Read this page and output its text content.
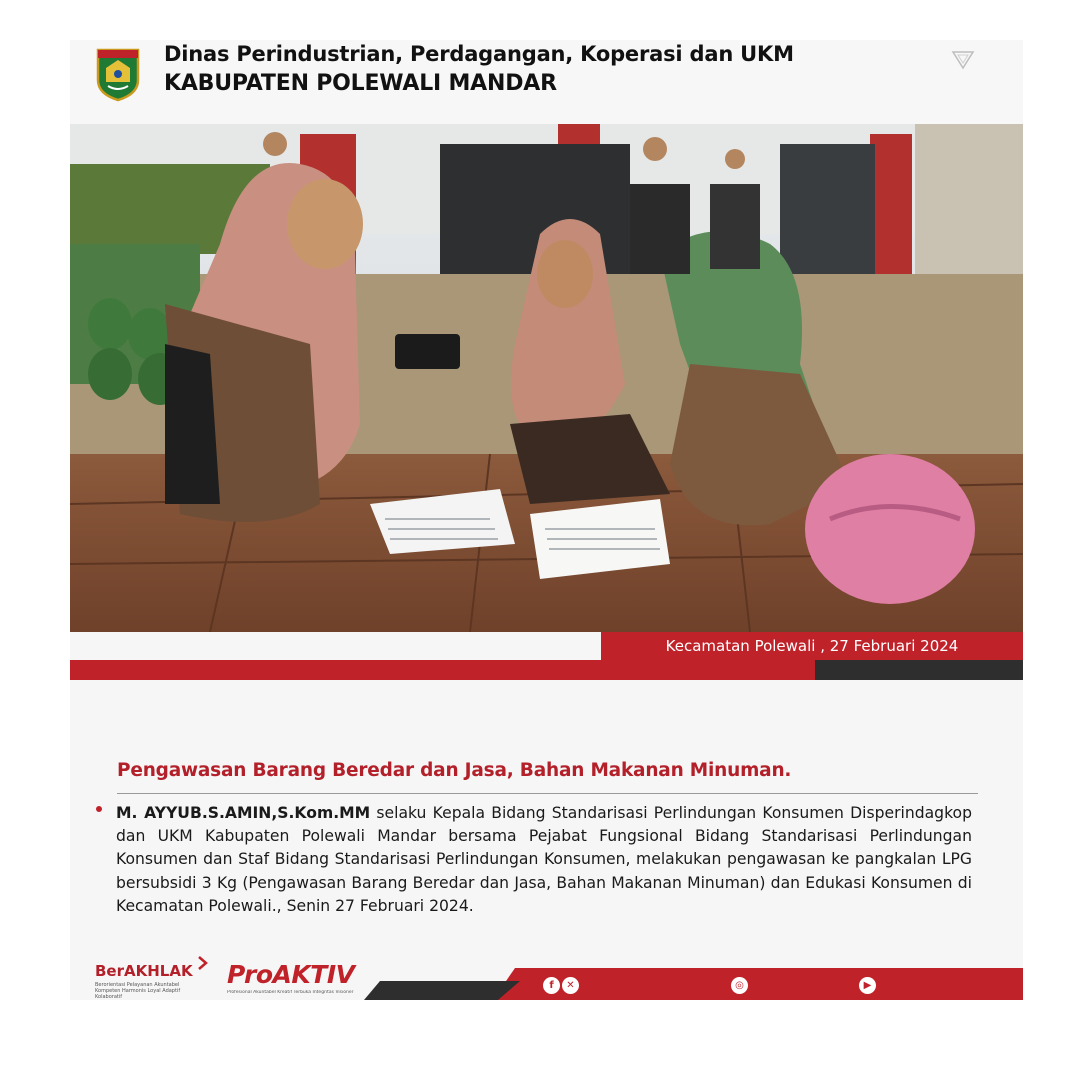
Dinas Perindustrian, Perdagangan, Koperasi dan UKM
KABUPATEN POLEWALI MANDAR
Kecamatan Polewali , 27 Februari 2024
Pengawasan Barang Beredar dan Jasa, Bahan Makanan Minuman.
M. AYYUB.S.AMIN,S.Kom.MM selaku Kepala Bidang Standarisasi Perlindungan Konsumen Disperindagkop dan UKM Kabupaten Polewali Mandar bersama Pejabat Fungsional Bidang Standarisasi Perlindungan Konsumen dan Staf Bidang Standarisasi Perlindungan Konsumen, melakukan pengawasan ke pangkalan LPG bersubsidi 3 Kg (Pengawasan Barang Beredar dan Jasa, Bahan Makanan Minuman) dan Edukasi Konsumen di Kecamatan Polewali., Senin 27 Februari 2024.
BerAKHLAK
Berorientasi Pelayanan Akuntabel Kompeten Harmonis Loyal Adaptif Kolaboratif
ProAKTIV
Profesional Akuntabel Kreatif Terbuka Integritas Visioner
f	✕	◎	▶
